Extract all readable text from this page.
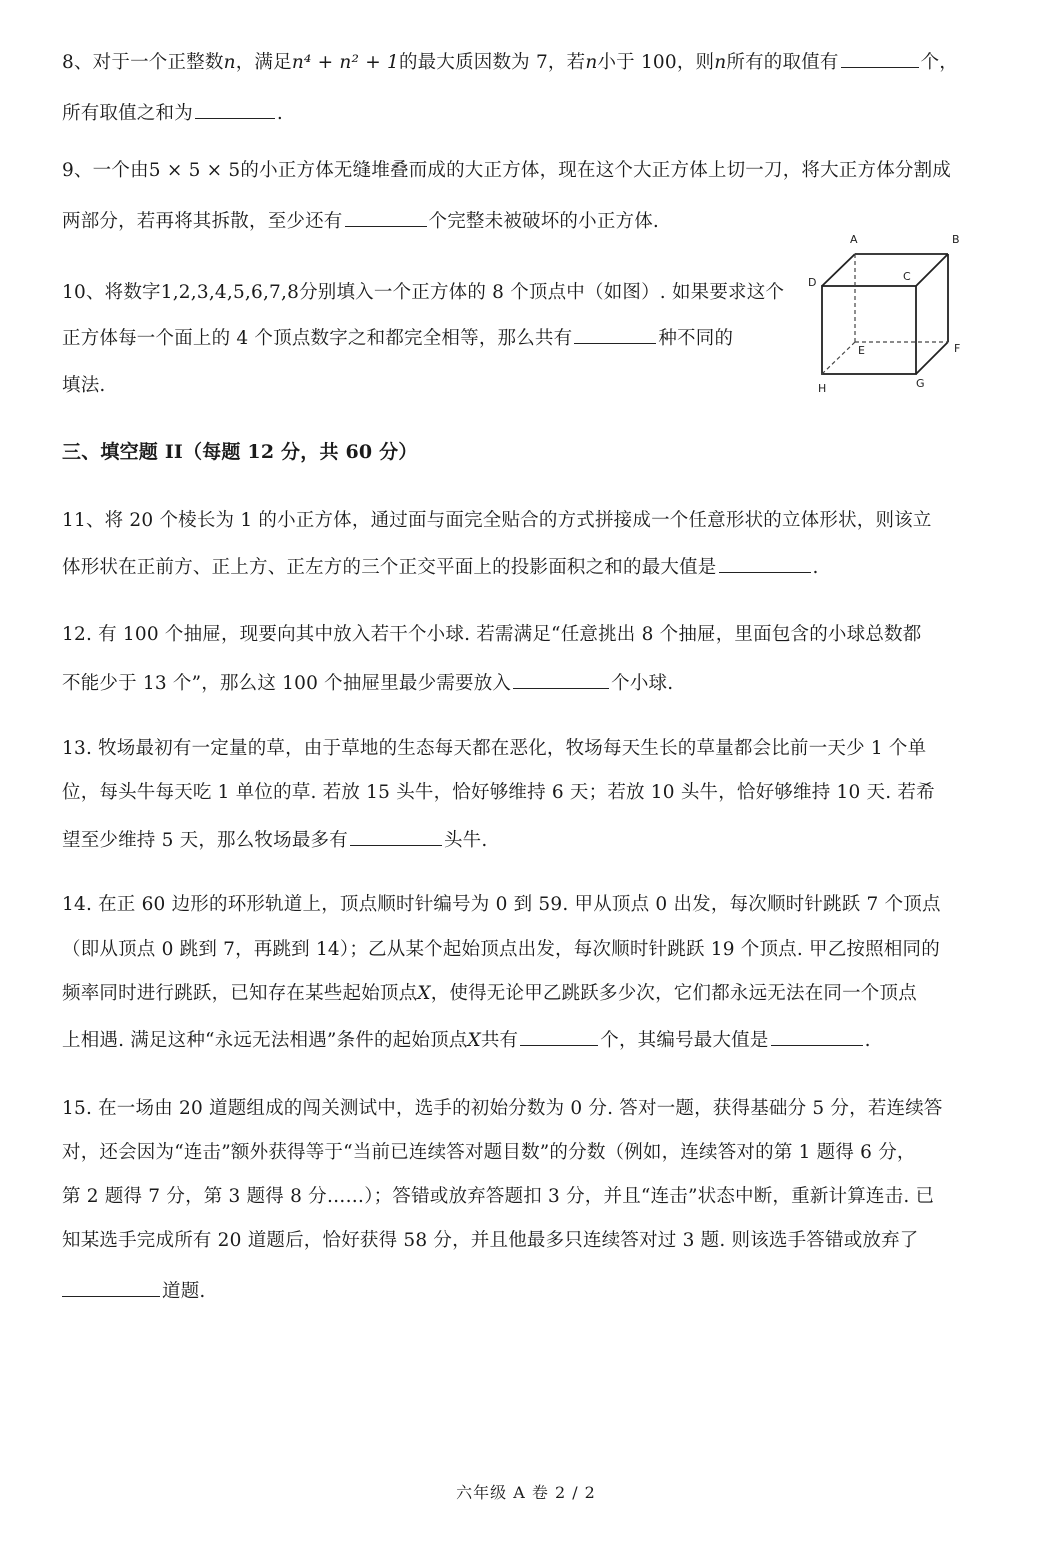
8、对于一个正整数n，满足n⁴ + n² + 1的最大质因数为 7，若n小于 100，则n所有的取值有	个，
所有取值之和为	.
9、一个由5 × 5 × 5的小正方体无缝堆叠而成的大正方体，现在这个大正方体上切一刀，将大正方体分割成
两部分，若再将其拆散，至少还有	个完整未被破坏的小正方体.
10、将数字1,2,3,4,5,6,7,8分别填入一个正方体的 8 个顶点中（如图）. 如果要求这个
正方体每一个面上的 4 个顶点数字之和都完全相等，那么共有	种不同的
填法.
A	B
C
D
E	F
G
H
三、填空题 II（每题 12 分，共 60 分）
11、将 20 个棱长为 1 的小正方体，通过面与面完全贴合的方式拼接成一个任意形状的立体形状，则该立
体形状在正前方、正上方、正左方的三个正交平面上的投影面积之和的最大值是	.
12. 有 100 个抽屉，现要向其中放入若干个小球. 若需满足“任意挑出 8 个抽屉，里面包含的小球总数都
不能少于 13 个”，那么这 100 个抽屉里最少需要放入	个小球.
13. 牧场最初有一定量的草，由于草地的生态每天都在恶化，牧场每天生长的草量都会比前一天少 1 个单
位，每头牛每天吃 1 单位的草. 若放 15 头牛，恰好够维持 6 天；若放 10 头牛，恰好够维持 10 天. 若希
望至少维持 5 天，那么牧场最多有	头牛.
14. 在正 60 边形的环形轨道上，顶点顺时针编号为 0 到 59. 甲从顶点 0 出发，每次顺时针跳跃 7 个顶点
（即从顶点 0 跳到 7，再跳到 14）；乙从某个起始顶点出发，每次顺时针跳跃 19 个顶点. 甲乙按照相同的
频率同时进行跳跃，已知存在某些起始顶点X，使得无论甲乙跳跃多少次，它们都永远无法在同一个顶点
上相遇. 满足这种“永远无法相遇”条件的起始顶点X共有	个，其编号最大值是	.
15. 在一场由 20 道题组成的闯关测试中，选手的初始分数为 0 分. 答对一题，获得基础分 5 分，若连续答
对，还会因为“连击”额外获得等于“当前已连续答对题目数”的分数（例如，连续答对的第 1 题得 6 分，
第 2 题得 7 分，第 3 题得 8 分……）；答错或放弃答题扣 3 分，并且“连击”状态中断，重新计算连击. 已
知某选手完成所有 20 道题后，恰好获得 58 分，并且他最多只连续答对过 3 题. 则该选手答错或放弃了
道题.
六年级 A 卷 2 / 2
